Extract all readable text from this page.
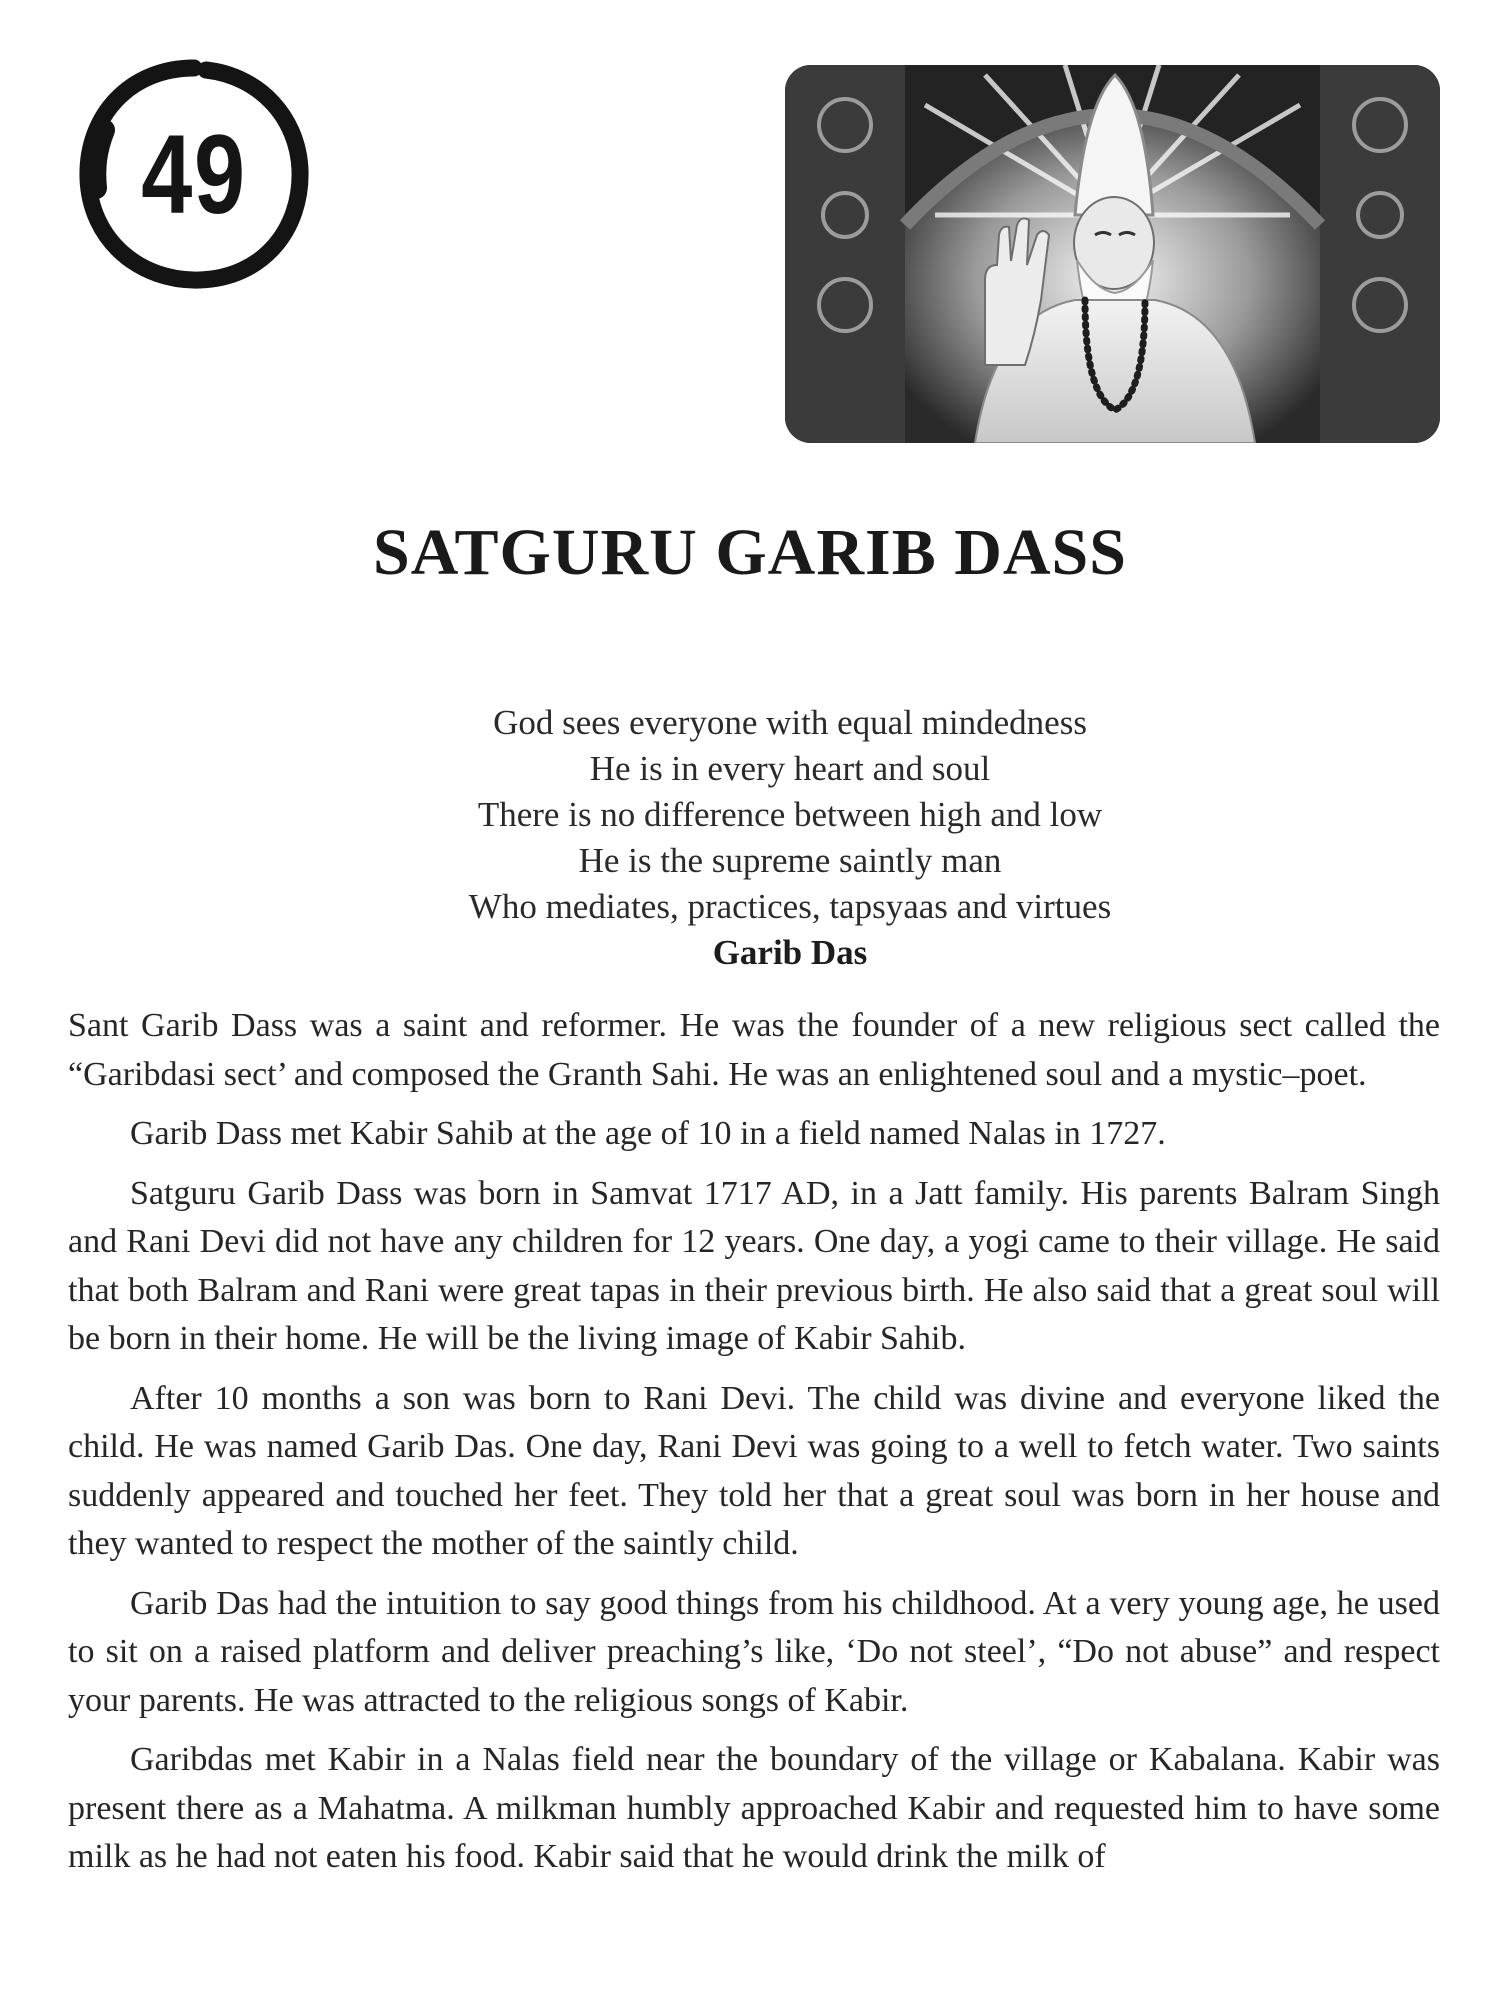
49
SATGURU GARIB DASS
God sees everyone with equal mindedness
He is in every heart and soul
There is no difference between high and low
He is the supreme saintly man
Who mediates, practices, tapsyaas and virtues
Garib Das

Sant Garib Dass was a saint and reformer. He was the founder of a new religious sect called the “Garibdasi sect’ and composed the Granth Sahi. He was an enlightened soul and a mystic–poet.

Garib Dass met Kabir Sahib at the age of 10 in a field named Nalas in 1727.

Satguru Garib Dass was born in Samvat 1717 AD, in a Jatt family. His parents Balram Singh and Rani Devi did not have any children for 12 years. One day, a yogi came to their village. He said that both Balram and Rani were great tapas in their previous birth. He also said that a great soul will be born in their home. He will be the living image of Kabir Sahib.

After 10 months a son was born to Rani Devi. The child was divine and everyone liked the child. He was named Garib Das. One day, Rani Devi was going to a well to fetch water. Two saints suddenly appeared and touched her feet. They told her that a great soul was born in her house and they wanted to respect the mother of the saintly child.

Garib Das had the intuition to say good things from his childhood. At a very young age, he used to sit on a raised platform and deliver preaching’s like, ‘Do not steel’, “Do not abuse” and respect your parents. He was attracted to the religious songs of Kabir.

Garibdas met Kabir in a Nalas field near the boundary of the village or Kabalana. Kabir was present there as a Mahatma. A milkman humbly approached Kabir and requested him to have some milk as he had not eaten his food. Kabir said that he would drink the milk of
